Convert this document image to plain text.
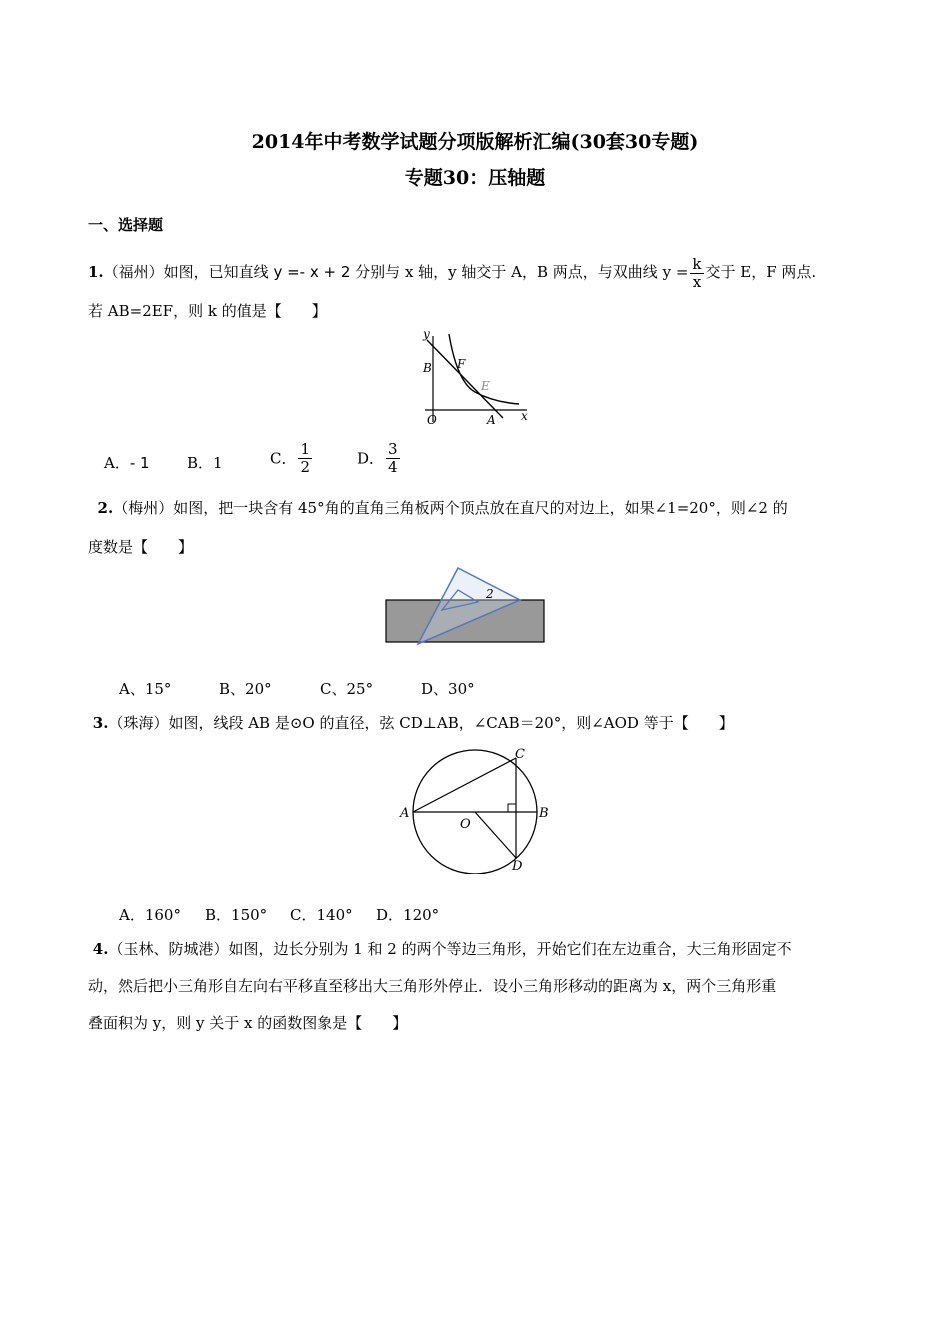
2014年中考数学试题分项版解析汇编(30套30专题)
专题30：压轴题
一、选择题
1.（福州）如图，已知直线 y =- x + 2 分别与 x 轴，y 轴交于 A，B 两点，与双曲线 $y = \frac{k}{x}$ 交于 E，F 两点.
若 AB=2EF，则 k 的值是【　　】
y
x
B F
E
O	A
A．- 1 B．1	C． $\frac{1}{2}$	D． $\frac{3}{4}$
2.（梅州）如图，把一块含有 45°角的直角三角板两个顶点放在直尺的对边上，如果∠1=20°，则∠2 的
度数是【　　】
2
A、15°	B、20°	C、25°	D、30°
3.（珠海）如图，线段 AB 是⊙O 的直径，弦 CD⊥AB，∠CAB＝20°，则∠AOD 等于【　　】
A	B
C
D
O
A．160° B．150° C．140° D．120°
4.（玉林、防城港）如图，边长分别为 1 和 2 的两个等边三角形，开始它们在左边重合，大三角形固定不
动，然后把小三角形自左向右平移直至移出大三角形外停止．设小三角形移动的距离为 x，两个三角形重
叠面积为 y，则 y 关于 x 的函数图象是【　　】
